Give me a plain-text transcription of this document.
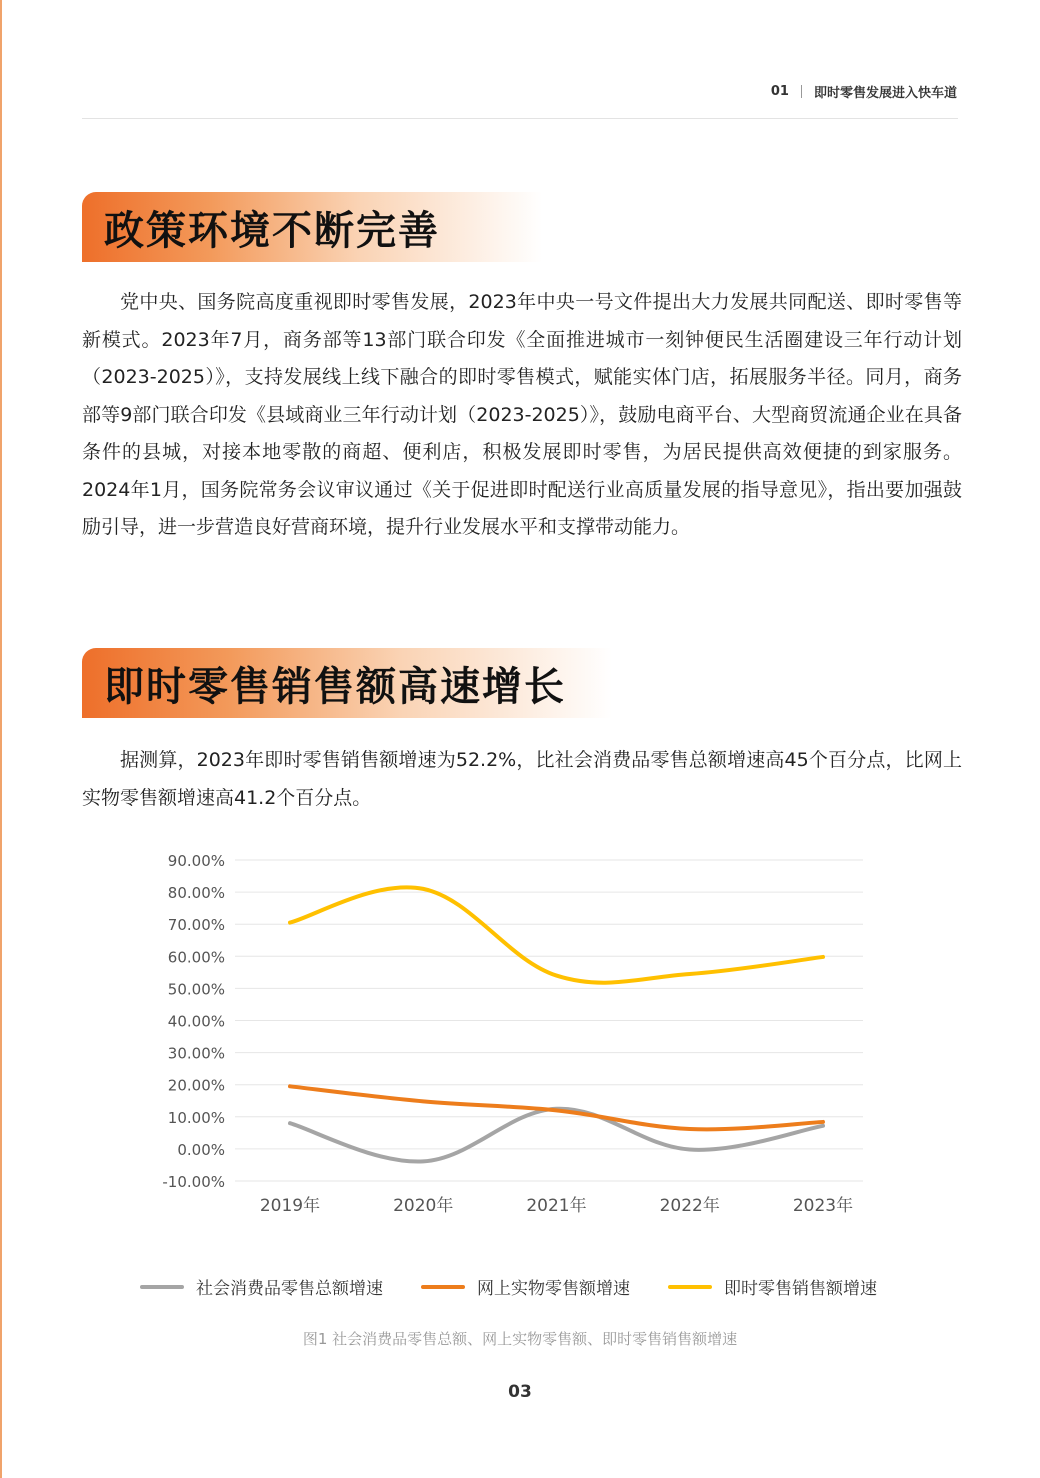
01 即时零售发展进入快车道
政策环境不断完善

党中央、国务院高度重视即时零售发展，2023年中央一号文件提出大力发展共同配送、即时零售等新模式。2023年7月，商务部等13部门联合印发《全面推进城市一刻钟便民生活圈建设三年行动计划（2023-2025）》，支持发展线上线下融合的即时零售模式，赋能实体门店，拓展服务半径。同月，商务部等9部门联合印发《县域商业三年行动计划（2023-2025）》，鼓励电商平台、大型商贸流通企业在具备条件的县城，对接本地零散的商超、便利店，积极发展即时零售，为居民提供高效便捷的到家服务。2024年1月，国务院常务会议审议通过《关于促进即时配送行业高质量发展的指导意见》，指出要加强鼓励引导，进一步营造良好营商环境，提升行业发展水平和支撑带动能力。

即时零售销售额高速增长

据测算，2023年即时零售销售额增速为52.2%，比社会消费品零售总额增速高45个百分点，比网上实物零售额增速高41.2个百分点。

90.00%
80.00%
70.00%
60.00%
50.00%
40.00%
30.00%
20.00%
10.00%
0.00%
-10.00%
2019年	2020年	2021年	2022年	2023年
社会消费品零售总额增速	网上实物零售额增速	即时零售销售额增速
图1 社会消费品零售总额、网上实物零售额、即时零售销售额增速
03
